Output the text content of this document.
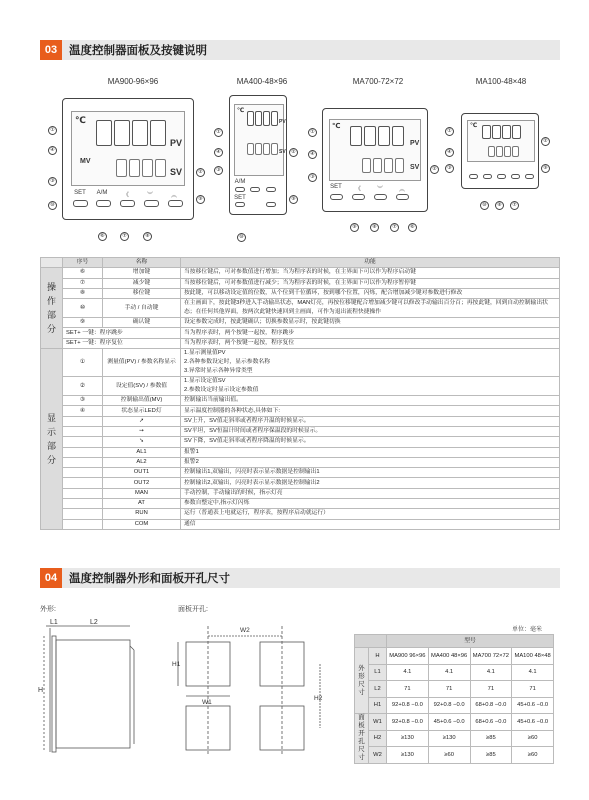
03	温度控制器面板及按键说明
MA900-96×96	MA400-48×96	MA700-72×72	MA100-48×48
℃
PV
MV
SV
SET A/M	《	︾	︽
①
④
③
⑩
②
⑨
⑥	⑦	⑧
℃
PV
SV
A/M
SET
①
④
③
⑩
②
⑨
℃
PV
SV
SET	《	︾	︽
①
④
③
②
⑨	⑧	⑦	⑥
℃
①
④
③
②
⑨
⑩	⑧	⑦
	序号	名称	功能
操作部分	⑥	增加键	当按移位键后，可对参数值进行增加；当为程序表的时候，在主界面下可以作为程序启动键
	⑦	减少键	当按移位键后，可对参数值进行减少；当为程序表的时候，在主界面下可以作为程序暂停键
	⑧	移位键	按此键，可以移动设定值的位数，从个位到千位循环，按到哪个位置，闪烁，配合增加减少键对参数进行修改
	⑩	手动 / 自动键	在主画面下，按此键3秒进入手动输出状态，MAN灯亮，再按位移键配合增加减少键可以修改手动输出百分百；再按此键，回到自动控制输出状态；在任何其他界面，按两次此键快速回到主画面，可作为退出流程快捷操作
	⑨	确认键	设定参数完成时，按此键确认；切换参数显示时，按此键切换
	SET+ 一键：程序跳步		当为程序表时，两个按键一起按，程序跳步
	SET+ 一键：程序复位		当为程序表时，两个按键一起按，程序复位
显示部分	①	测量值(PV) / 参数名称显示	1.显示测量值PV
2.各种参数设定时，显示参数名称
3.异常时显示各种异常类型

	②	设定值(SV) / 参数值	1.显示设定值SV
2.参数设定时显示设定参数值

	③	控制输出值(MV)	控制输出当前输出值。
	④	状态显示LED灯	显示温度控制器的各种状态,具体如下:
		➚	SV上升，SV值走斜率或者程序升温的时候显示。
		➙	SV平坦，SV恒温计时间或者程序保温段的时候显示。
		➘	SV下降，SV值走斜率或者程序降温的时候显示。
		AL1	报警1
		AL2	报警2
		OUT1	控制输出1,双输出，闪亮时表示显示数据是控制输出1
		OUT2	控制输出2,双输出，闪亮时表示显示数据是控制输出2
		MAN	手动控制，手动输出的时候，指示灯亮
		AT	参数自整定中,指示灯闪烁
		RUN	运行（普通表上电就运行，程序表，按程序启动就运行）
		COM	通信
04	温度控制器外形和面板开孔尺寸
外形:	面板开孔:
单位：毫米
L1	L2
H
W2
H1
W1
H2
		型号			
外形尺寸	H	MA900 96×96	MA400 48×96	MA700 72×72	MA100 48×48
	L1	4.1	4.1	4.1	4.1
	L2	71	71	71	71
	H1	92+0.8 −0.0	92+0.8 −0.0	68+0.8 −0.0	45+0.6 −0.0
面板开孔尺寸	W1	92+0.8 −0.0	45+0.6 −0.0	68+0.6 −0.0	45+0.6 −0.0
	H2	≥130	≥130	≥85	≥60
	W2	≥130	≥60	≥85	≥60
